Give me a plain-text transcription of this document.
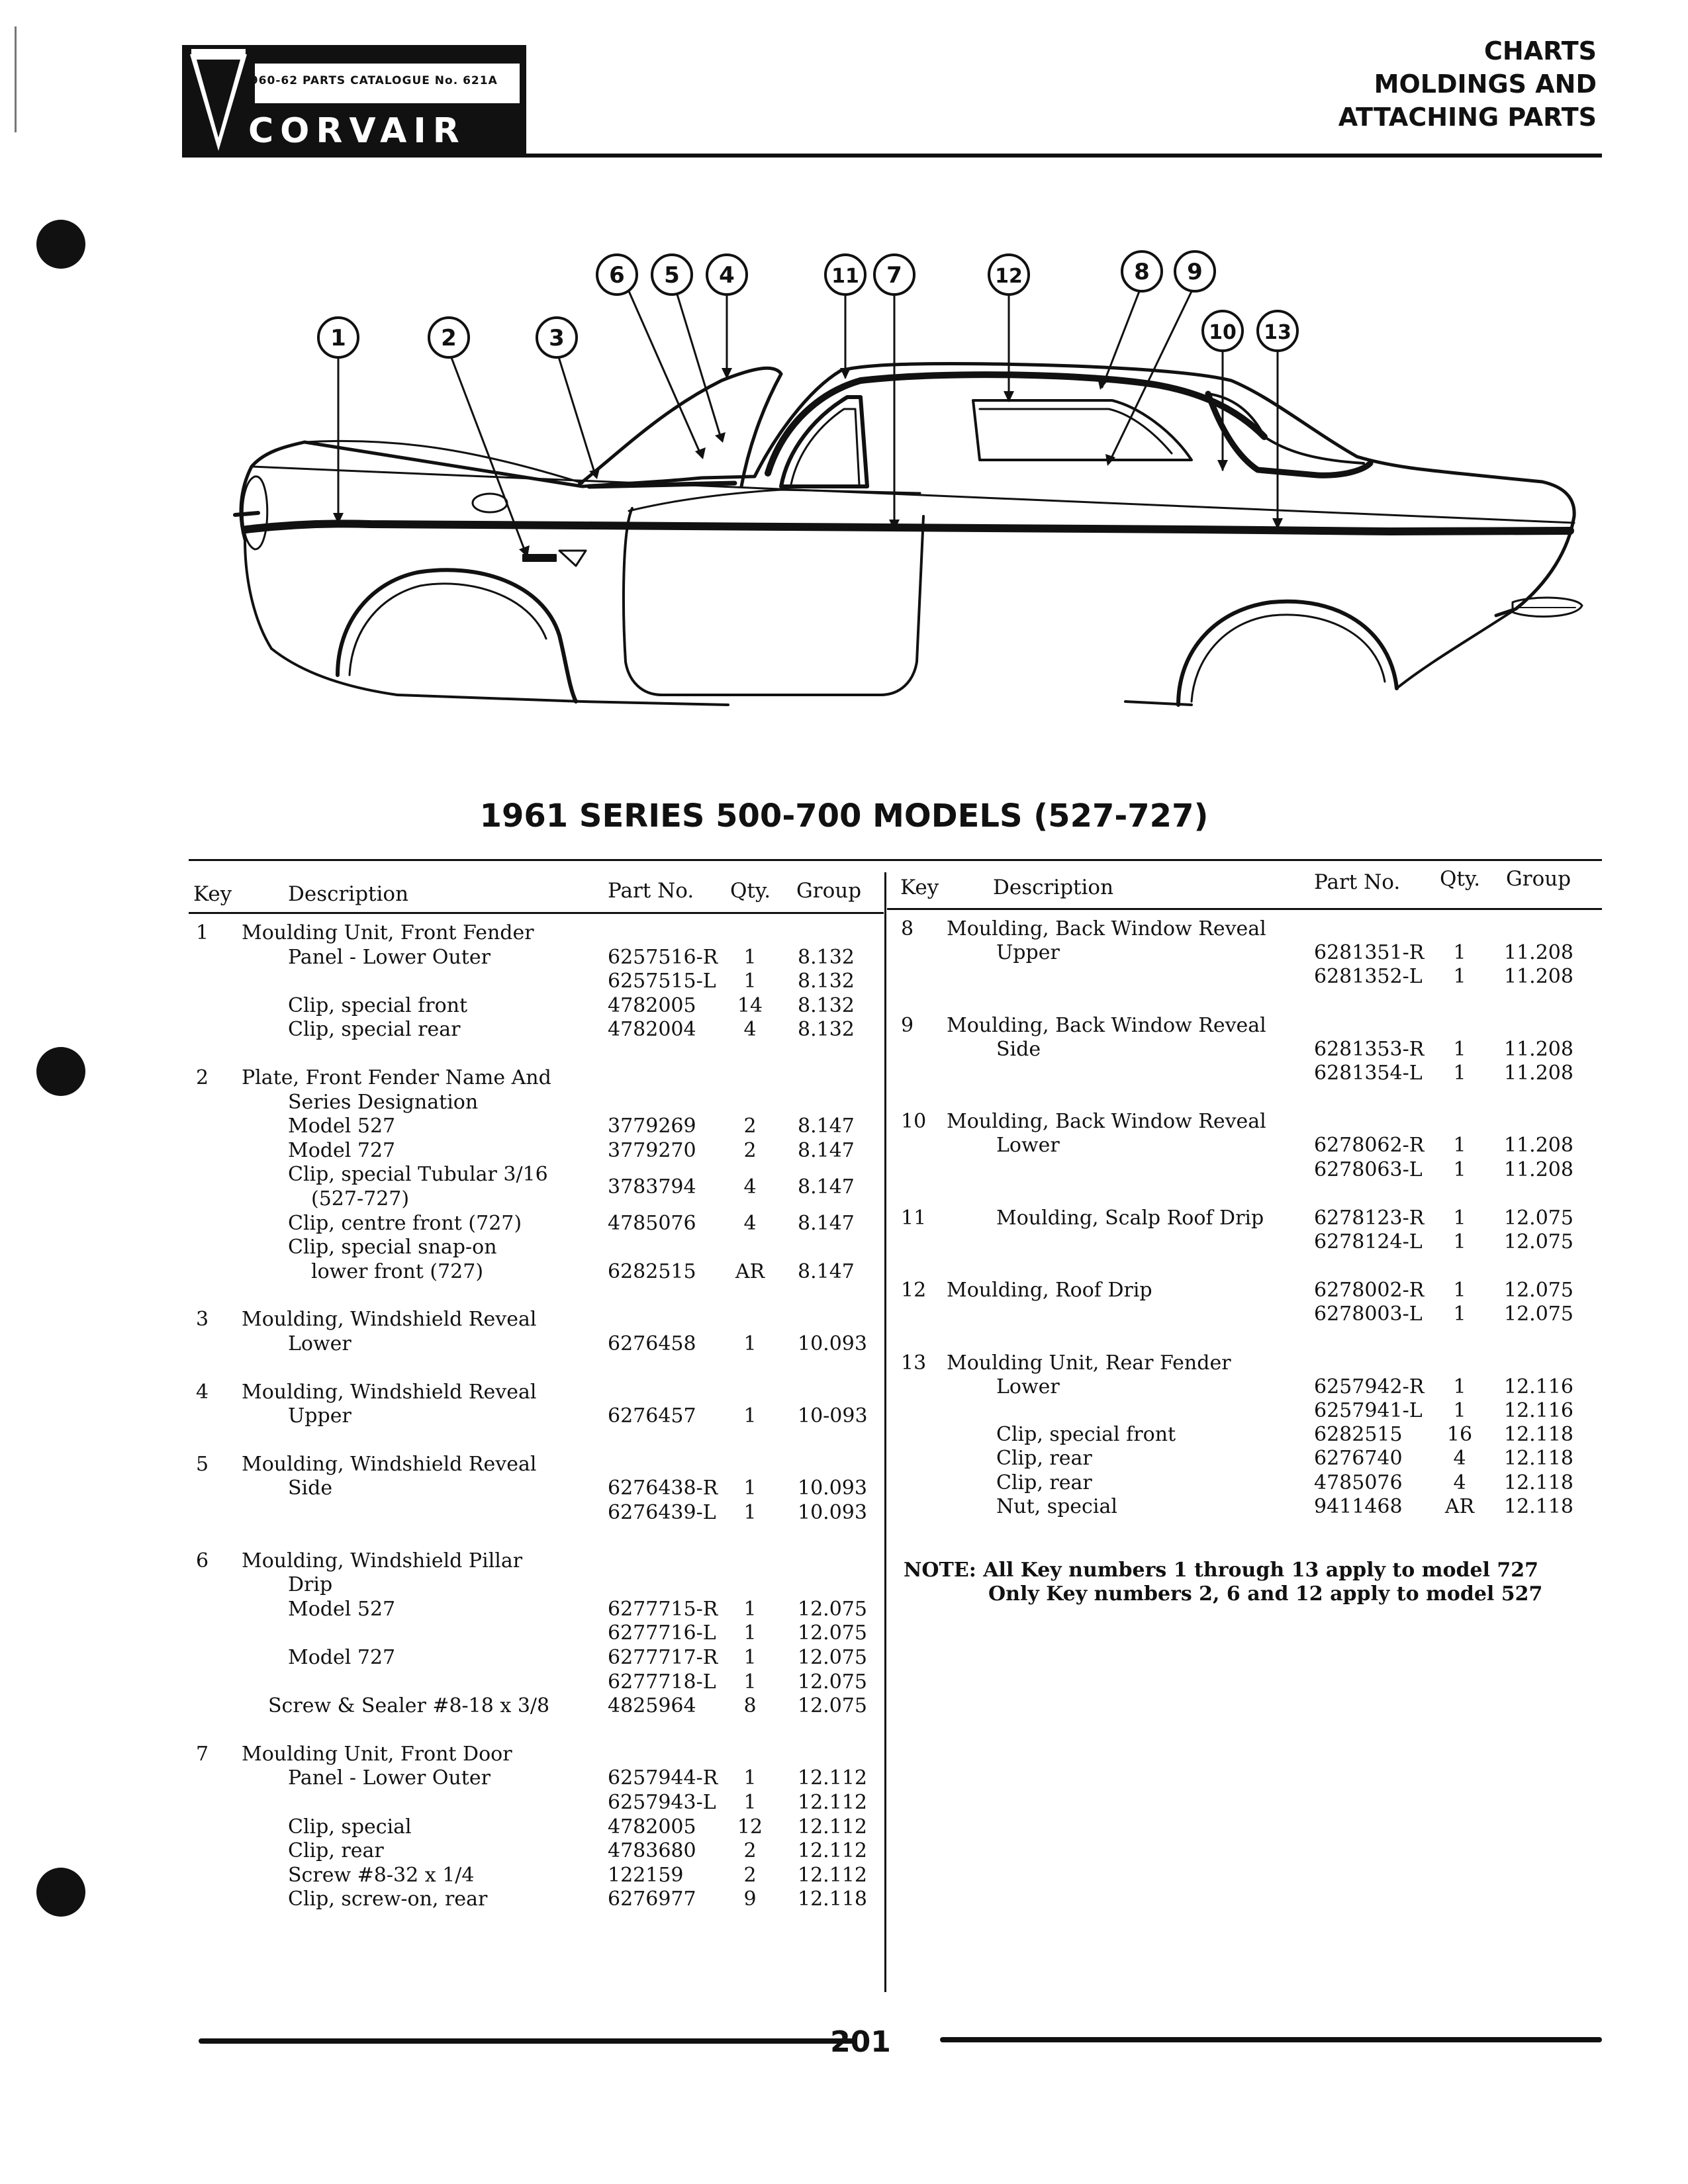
1960-62 PARTS CATALOGUE No. 621A
CORVAIR
CHARTS
MOLDINGS AND
ATTACHING PARTS
1	2	3
6 5 4	11 7	12	8 9
10 13
1961 SERIES 500-700 MODELS (527-727)
Key	Description	Part No. Qty. Group Key	Description	Part No. Qty. Group
NOTE: All Key numbers 1 through 13 apply to model 727
Only Key numbers 2, 6 and 12 apply to model 527
201
1 Moulding Unit, Front Fender
Panel - Lower Outer	6257516-R	1	8.132
6257515-L	1	8.132
Clip, special front	4782005	14	8.132
Clip, special rear	4782004	4	8.132
2 Plate, Front Fender Name And
Series Designation
Model 527	3779269	2	8.147
Model 727	3779270	2	8.147
Clip, special Tubular 3/16
(527-727)
3783794	4	8.147
Clip, centre front (727)	4785076	4	8.147
Clip, special snap-on
lower front (727)	6282515	AR	8.147
3 Moulding, Windshield Reveal
Lower	6276458	1	10.093
4 Moulding, Windshield Reveal
Upper	6276457	1	10-093
5 Moulding, Windshield Reveal
Side	6276438-R	1	10.093
6276439-L	1	10.093
6 Moulding, Windshield Pillar
Drip
Model 527	6277715-R	1	12.075
6277716-L	1	12.075
Model 727	6277717-R	1	12.075
6277718-L	1	12.075
Screw & Sealer #8-18 x 3/8	4825964	8	12.075
7 Moulding Unit, Front Door
Panel - Lower Outer	6257944-R	1	12.112
6257943-L	1	12.112
Clip, special	4782005	12	12.112
Clip, rear	4783680	2	12.112
Screw #8-32 x 1/4	122159	2	12.112
Clip, screw-on, rear	6276977	9	12.118
8 Moulding, Back Window Reveal
Upper	6281351-R	1	11.208
6281352-L	1	11.208
9 Moulding, Back Window Reveal
Side	6281353-R	1	11.208
6281354-L	1	11.208
10 Moulding, Back Window Reveal
Lower	6278062-R	1	11.208
6278063-L	1	11.208
11	Moulding, Scalp Roof Drip	6278123-R	1	12.075
6278124-L	1	12.075
12 Moulding, Roof Drip	6278002-R	1	12.075
6278003-L	1	12.075
13 Moulding Unit, Rear Fender
Lower	6257942-R	1	12.116
6257941-L	1	12.116
Clip, special front	6282515	16	12.118
Clip, rear	6276740	4	12.118
Clip, rear	4785076	4	12.118
Nut, special	9411468	AR	12.118
